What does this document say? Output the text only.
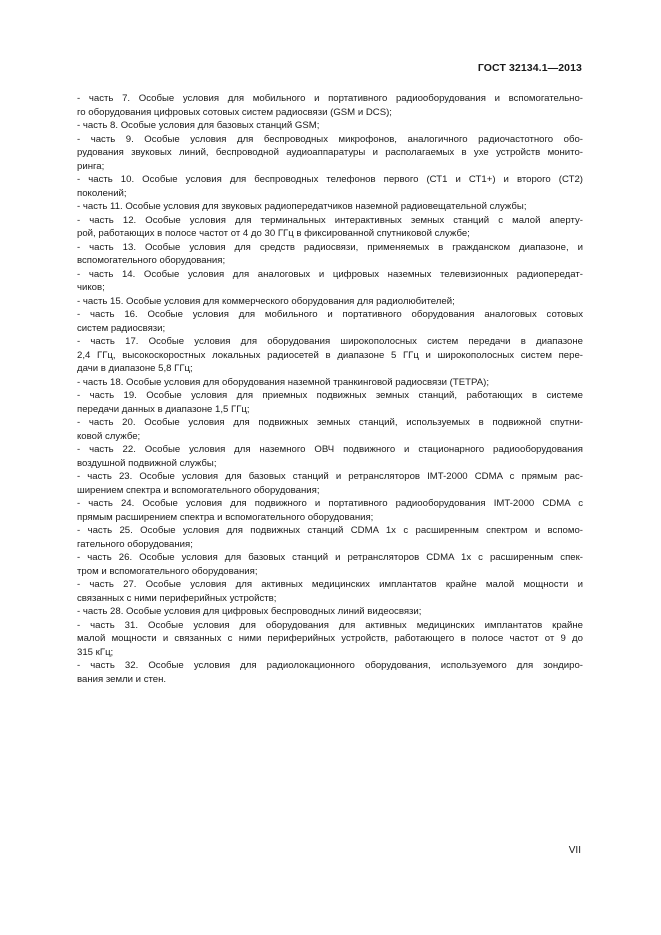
ГОСТ 32134.1—2013
- часть 7. Особые условия для мобильного и портативного радиооборудования и вспомогательно-
го оборудования цифровых сотовых систем радиосвязи (GSM и DCS);
- часть 8. Особые условия для базовых станций GSM;
- часть 9. Особые условия для беспроводных микрофонов, аналогичного радиочастотного обо-
рудования звуковых линий, беспроводной аудиоаппаратуры и располагаемых в ухе устройств монито-
ринга;
- часть 10. Особые условия для беспроводных телефонов первого (СТ1 и СТ1+) и второго (СТ2)
поколений;
- часть 11. Особые условия для звуковых радиопередатчиков наземной радиовещательной службы;
- часть 12. Особые условия для терминальных интерактивных земных станций с малой аперту-
рой, работающих в полосе частот от 4 до 30 ГГц в фиксированной спутниковой службе;
- часть 13. Особые условия для средств радиосвязи, применяемых в гражданском диапазоне, и
вспомогательного оборудования;
- часть 14. Особые условия для аналоговых и цифровых наземных телевизионных радиопередат-
чиков;
- часть 15. Особые условия для коммерческого оборудования для радиолюбителей;
- часть 16. Особые условия для мобильного и портативного оборудования аналоговых сотовых
систем радиосвязи;
- часть 17. Особые условия для оборудования широкополосных систем передачи в диапазоне
2,4 ГГц, высокоскоростных локальных радиосетей в диапазоне 5 ГГц и широкополосных систем пере-
дачи в диапазоне 5,8 ГГц;
- часть 18. Особые условия для оборудования наземной транкинговой радиосвязи (ТЕТРА);
- часть 19. Особые условия для приемных подвижных земных станций, работающих в системе
передачи данных в диапазоне 1,5 ГГц;
- часть 20. Особые условия для подвижных земных станций, используемых в подвижной спутни-
ковой службе;
- часть 22. Особые условия для наземного ОВЧ подвижного и стационарного радиооборудования
воздушной подвижной службы;
- часть 23. Особые условия для базовых станций и ретрансляторов IMT-2000 CDMA с прямым рас-
ширением спектра и вспомогательного оборудования;
- часть 24. Особые условия для подвижного и портативного радиооборудования IMT-2000 CDMA с
прямым расширением спектра и вспомогательного оборудования;
- часть 25. Особые условия для подвижных станций CDMA 1x с расширенным спектром и вспомо-
гательного оборудования;
- часть 26. Особые условия для базовых станций и ретрансляторов CDMA 1x с расширенным спек-
тром и вспомогательного оборудования;
- часть 27. Особые условия для активных медицинских имплантатов крайне малой мощности и
связанных с ними периферийных устройств;
- часть 28. Особые условия для цифровых беспроводных линий видеосвязи;
- часть 31. Особые условия для оборудования для активных медицинских имплантатов крайне
малой мощности и связанных с ними периферийных устройств, работающего в полосе частот от 9 до
315 кГц;
- часть 32. Особые условия для радиолокационного оборудования, используемого для зондиро-
вания земли и стен.
VII
